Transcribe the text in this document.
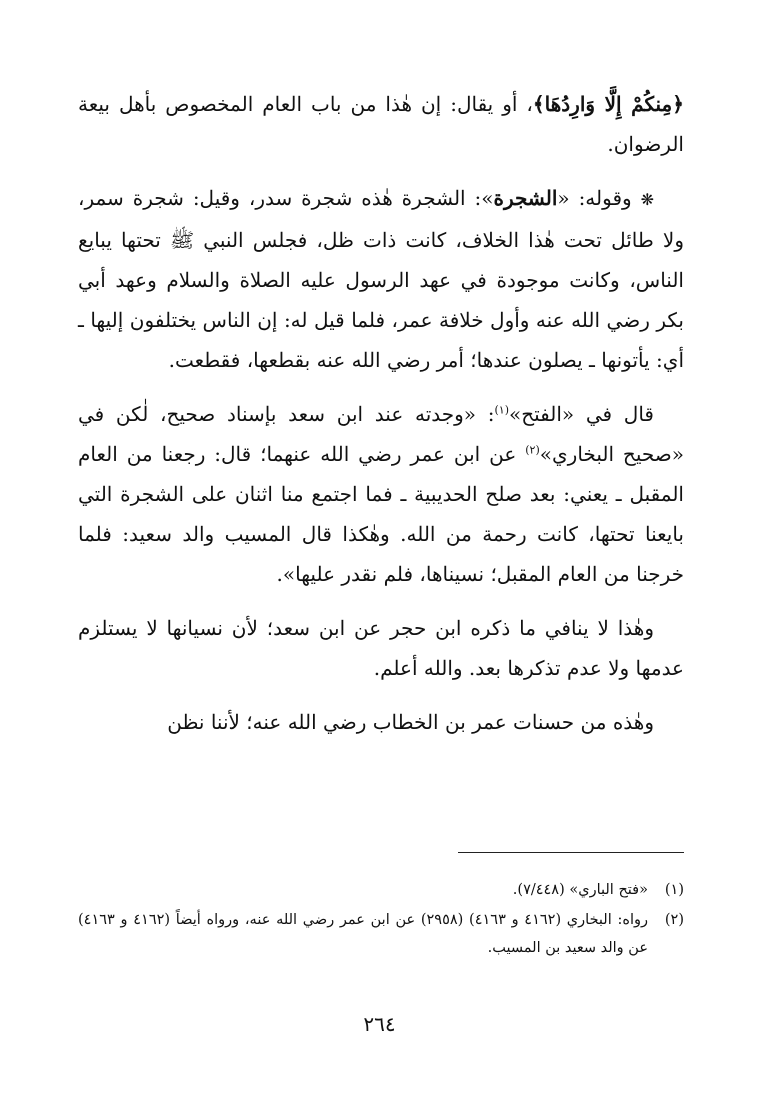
﴿مِنكُمْ إِلَّا وَارِدُهَا﴾، أو يقال: إن هٰذا من باب العام المخصوص بأهل بيعة الرضوان.

❋ وقوله: «الشجرة»: الشجرة هٰذه شجرة سدر، وقيل: شجرة سمر، ولا طائل تحت هٰذا الخلاف، كانت ذات ظل، فجلس النبي ﷺ تحتها يبايع الناس، وكانت موجودة في عهد الرسول عليه الصلاة والسلام وعهد أبي بكر رضي الله عنه وأول خلافة عمر، فلما قيل له: إن الناس يختلفون إليها ـ أي: يأتونها ـ يصلون عندها؛ أمر رضي الله عنه بقطعها، فقطعت.

قال في «الفتح»$^{(١)}$: «وجدته عند ابن سعد بإسناد صحيح، لٰكن في «صحيح البخاري»$^{(٢)}$ عن ابن عمر رضي الله عنهما؛ قال: رجعنا من العام المقبل ـ يعني: بعد صلح الحديبية ـ فما اجتمع منا اثنان على الشجرة التي بايعنا تحتها، كانت رحمة من الله. وهٰكذا قال المسيب والد سعيد: فلما خرجنا من العام المقبل؛ نسيناها، فلم نقدر عليها».

وهٰذا لا ينافي ما ذكره ابن حجر عن ابن سعد؛ لأن نسيانها لا يستلزم عدمها ولا عدم تذكرها بعد. والله أعلم.

وهٰذه من حسنات عمر بن الخطاب رضي الله عنه؛ لأننا نظن

(١)
«فتح الباري» (٧/٤٤٨).
(٢)
رواه: البخاري (٤١٦٢ و ٤١٦٣) (٢٩٥٨) عن ابن عمر رضي الله عنه، ورواه أيضاً (٤١٦٢ و ٤١٦٣) عن والد سعيد بن المسيب.
٢٦٤
